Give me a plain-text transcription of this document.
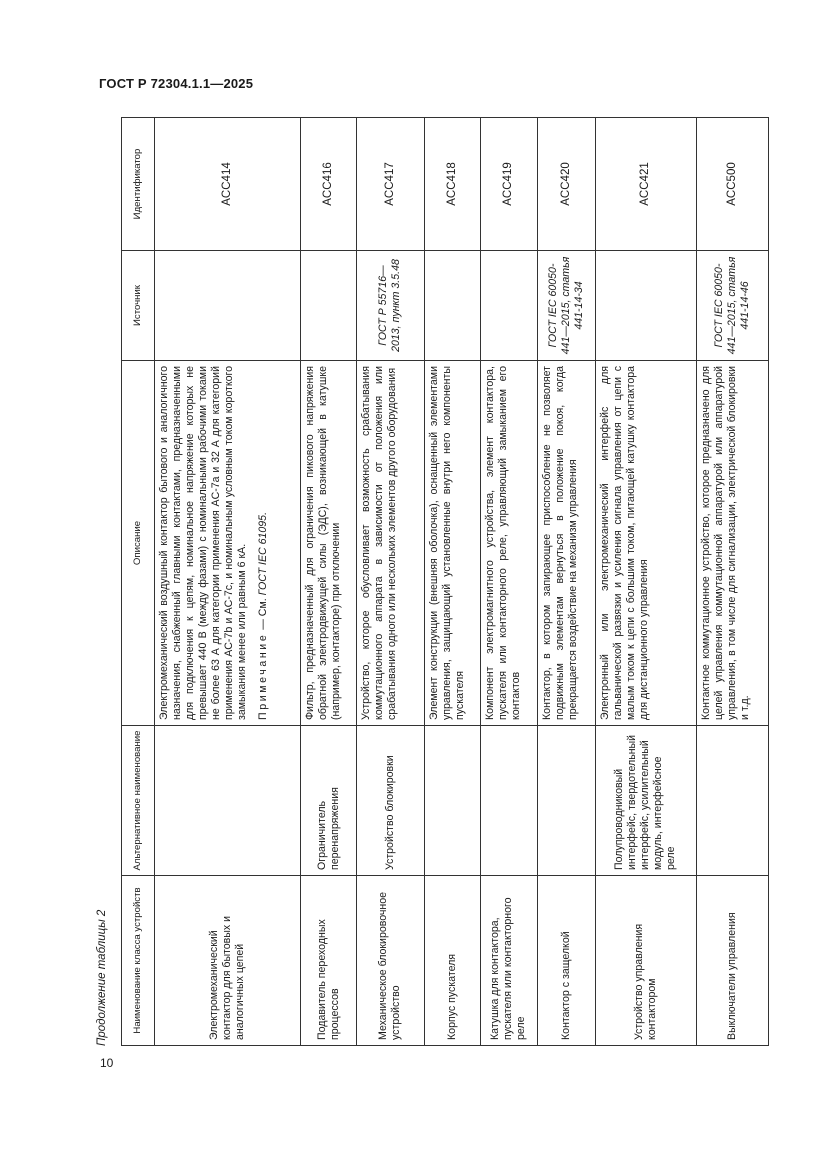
ГОСТ Р 72304.1.1—2025
10
Продолжение таблицы 2	Наименование класса устройств	Альтернативное наименование	Описание	Источник	Идентификатор
Электромеханический контактор для бытовых и аналогичных цепей		Электромеханический воздушный контактор бытового и аналогичного назначения, снабженный главными контактами, предназначенными для подключения к цепям, номинальное напряжение которых не превышает 440 В (между фазами) с номинальными рабочими токами не более 63 А для категории применения AC-7a и 32 А для категорий применения AC-7b и AC-7c, и номинальным условным током короткого замыкания менее или равным 6 кА. Примечание — См. ГОСТ IEC 61095.		ACC414
Подавитель переходных процессов	Ограничитель перенапряжения	Фильтр, предназначенный для ограничения пикового напряжения обратной электродвижущей силы (ЭДС), возникающей в катушке (например, контакторе) при отключении		ACC416
Механическое блокировочное устройство	Устройство блокировки	Устройство, которое обусловливает возможность срабатывания коммутационного аппарата в зависимости от положения или срабатывания одного или нескольких элементов другого оборудования	ГОСТ Р 55716—2013, пункт 3.5.48	ACC417
Корпус пускателя		Элемент конструкции (внешняя оболочка), оснащенный элементами управления, защищающий установленные внутри него компоненты пускателя		ACC418
Катушка для контактора, пускателя или контакторного реле		Компонент электромагнитного устройства, элемент контактора, пускателя или контакторного реле, управляющий замыканием его контактов		ACC419
Контактор с защелкой		Контактор, в котором запирающее приспособление не позволяет подвижным элементам вернуться в положение покоя, когда прекращается воздействие на механизм управления	ГОСТ IEC 60050-441—2015, статья 441-14-34	ACC420
Устройство управления контактором	Полупроводниковый интерфейс, твердотельный интерфейс, усилительный модуль, интерфейсное реле	Электронный или электромеханический интерфейс для гальванической развязки и усиления сигнала управления от цепи с малым током к цепи с большим током, питающей катушку контактора для дистанционного управления		ACC421
Выключатели управления		Контактное коммутационное устройство, которое предназначено для целей управления коммутационной аппаратурой или аппаратурой управления, в том числе для сигнализации, электрической блокировки и т.д.	ГОСТ IEC 60050-441—2015, статья 441-14-46	ACC500
